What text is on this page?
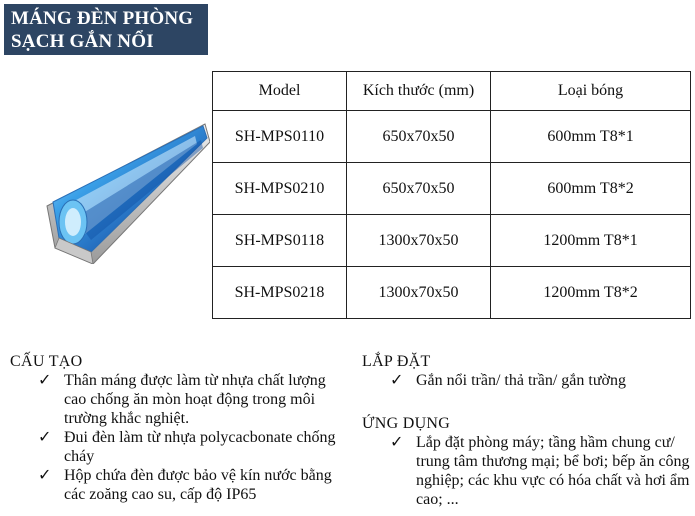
MÁNG ĐÈN PHÒNG
SẠCH GẮN NỔI
Model	Kích thước (mm)	Loại bóng
SH-MPS0110	650x70x50	600mm T8*1
SH-MPS0210	650x70x50	600mm T8*2
SH-MPS0118	1300x70x50	1200mm T8*1
SH-MPS0218	1300x70x50	1200mm T8*2
CẤU TẠO
✓ Thân máng được làm từ nhựa chất lượng cao chống ăn mòn hoạt động trong môi trường khắc nghiệt.
✓ Đui đèn làm từ nhựa polycacbonate chống cháy
✓ Hộp chứa đèn được bảo vệ kín nước bằng các zoăng cao su, cấp độ IP65
LẮP ĐẶT
✓ Gắn nổi trần/ thả trần/ gắn tường
ỨNG DỤNG
✓ Lắp đặt phòng máy; tầng hầm chung cư/ trung tâm thương mại; bể bơi; bếp ăn công nghiệp; các khu vực có hóa chất và hơi ẩm cao; ...
